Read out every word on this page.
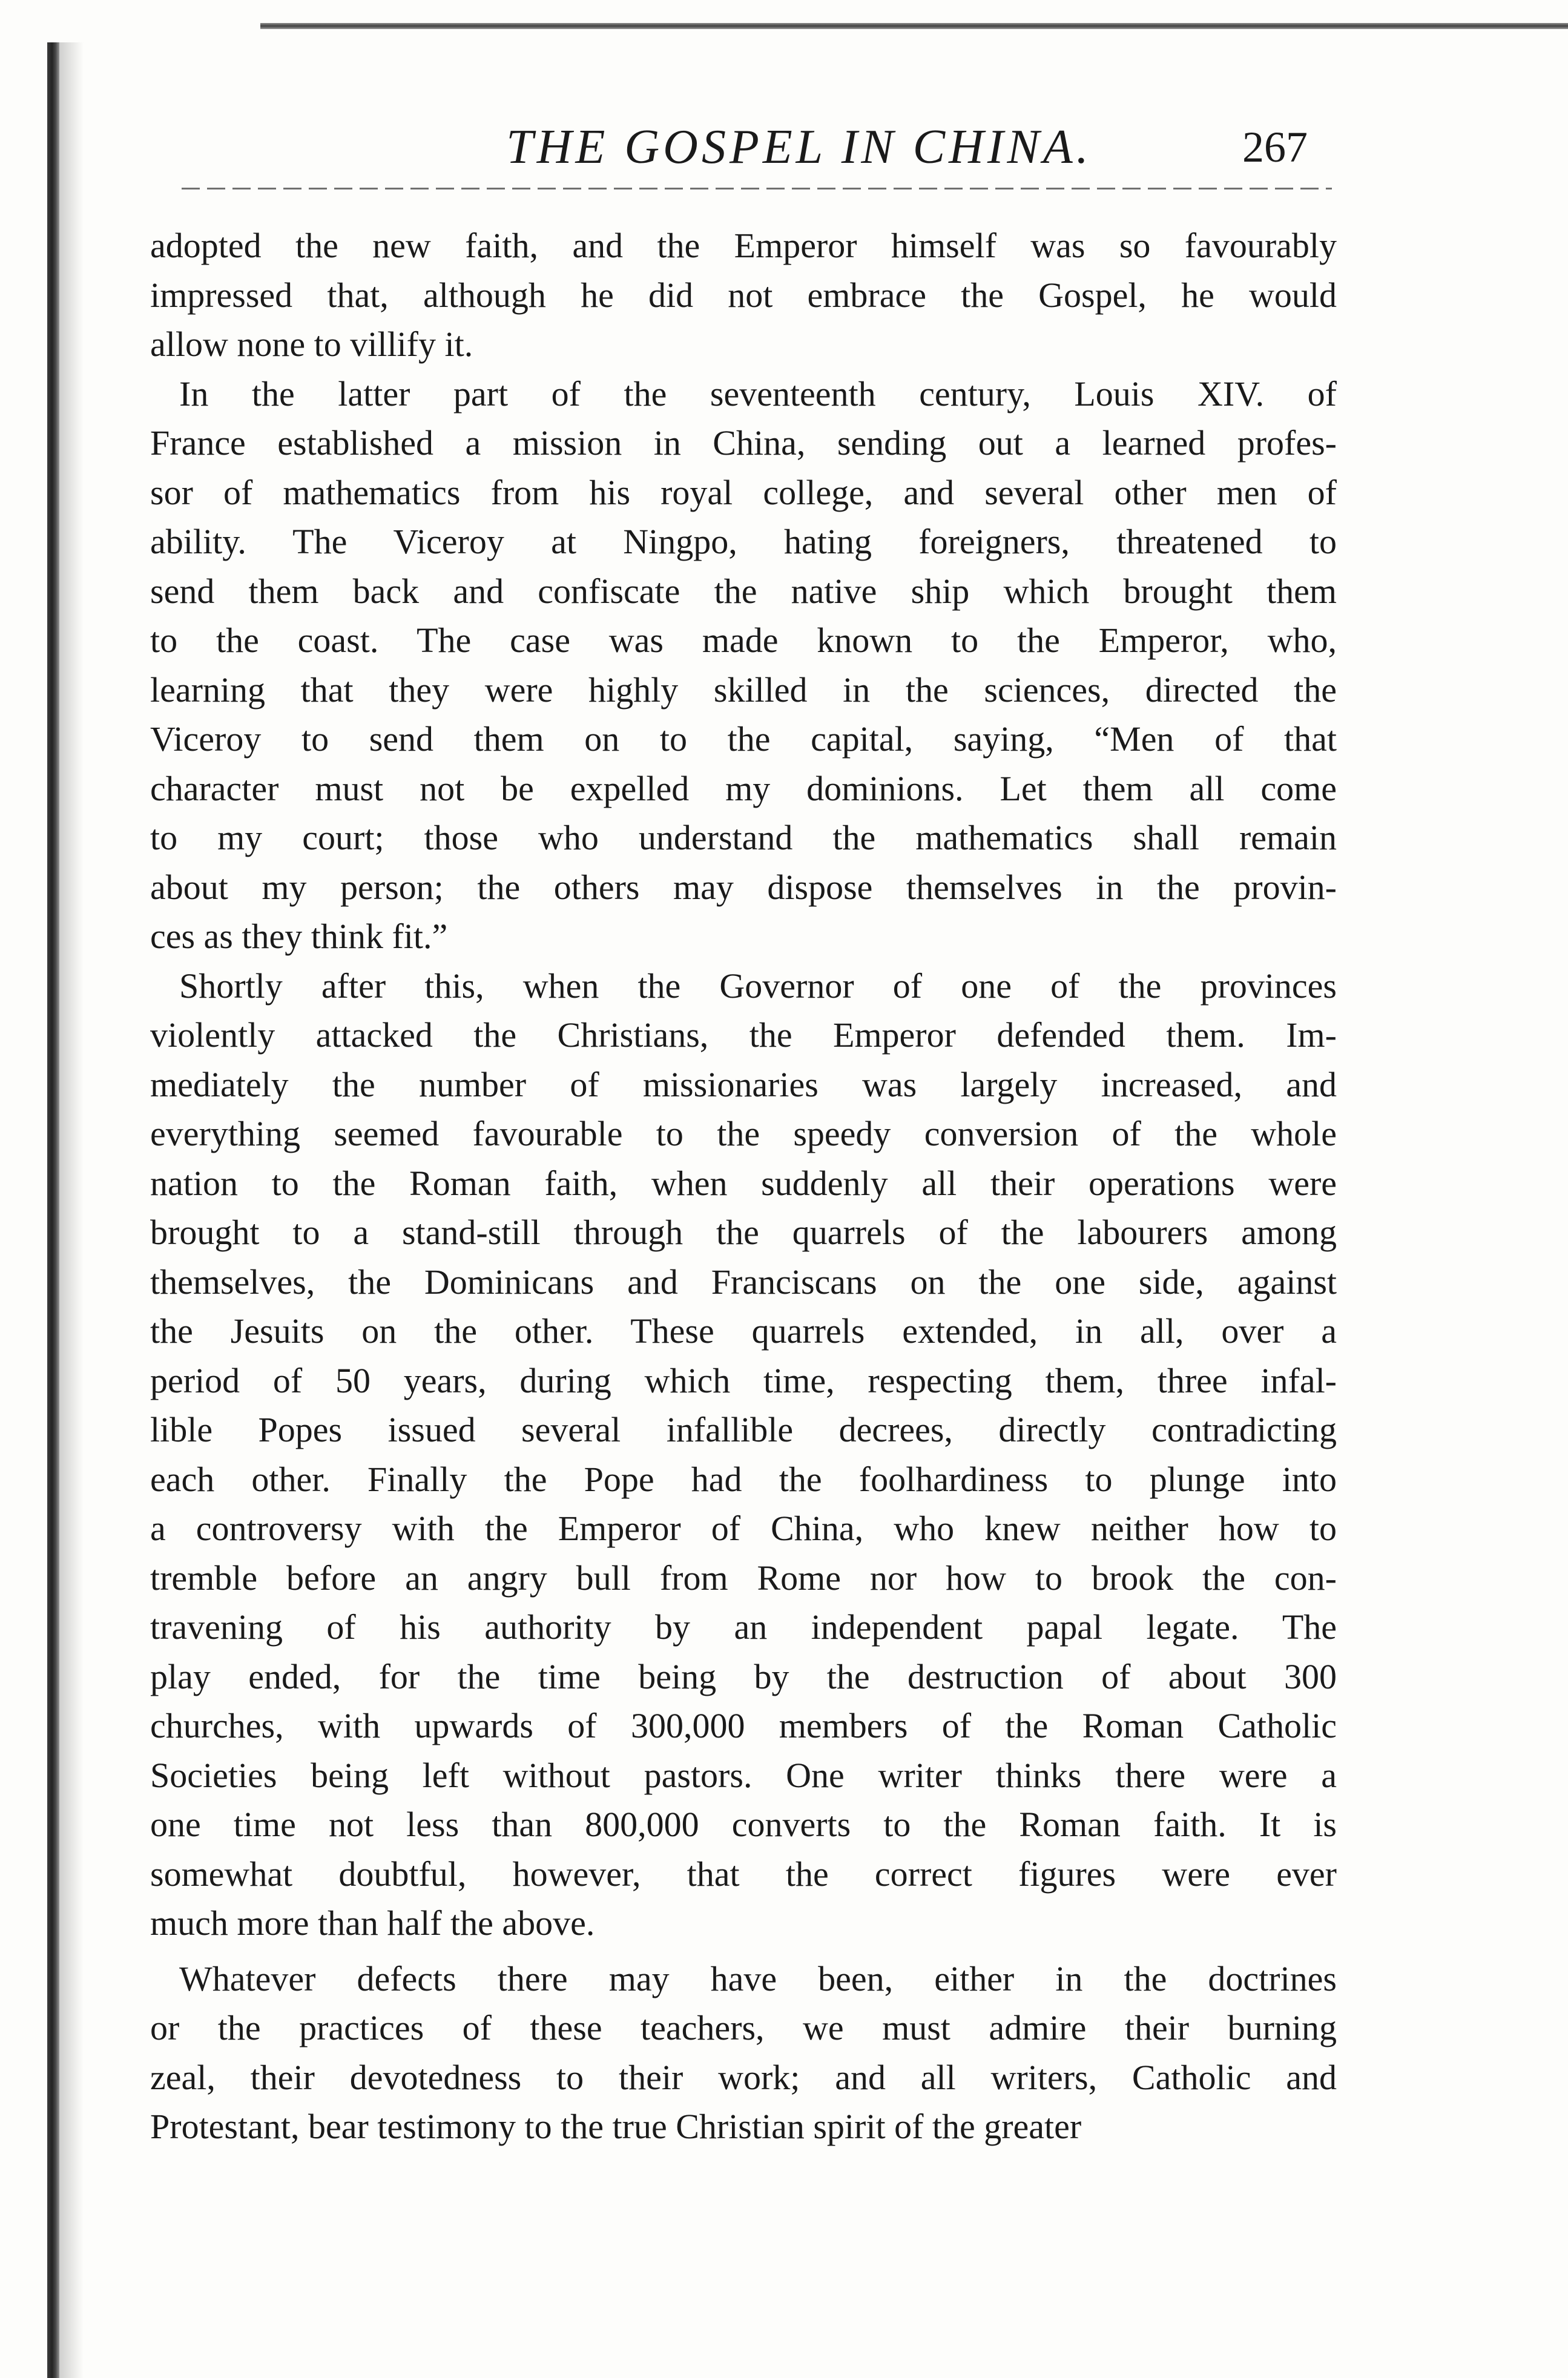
THE GOSPEL IN CHINA.	267
adopted the new faith, and the Emperor himself was so favourably
impressed that, although he did not embrace the Gospel, he would
allow none to villify it.
In the latter part of the seventeenth century, Louis XIV. of
France established a mission in China, sending out a learned profes-
sor of mathematics from his royal college, and several other men of
ability. The Viceroy at Ningpo, hating foreigners, threatened to
send them back and confiscate the native ship which brought them
to the coast. The case was made known to the Emperor, who,
learning that they were highly skilled in the sciences, directed the
Viceroy to send them on to the capital, saying, “Men of that
character must not be expelled my dominions. Let them all come
to my court; those who understand the mathematics shall remain
about my person; the others may dispose themselves in the provin-
ces as they think fit.”
Shortly after this, when the Governor of one of the provinces
violently attacked the Christians, the Emperor defended them. Im-
mediately the number of missionaries was largely increased, and
everything seemed favourable to the speedy conversion of the whole
nation to the Roman faith, when suddenly all their operations were
brought to a stand-still through the quarrels of the labourers among
themselves, the Dominicans and Franciscans on the one side, against
the Jesuits on the other. These quarrels extended, in all, over a
period of 50 years, during which time, respecting them, three infal-
lible Popes issued several infallible decrees, directly contradicting
each other. Finally the Pope had the foolhardiness to plunge into
a controversy with the Emperor of China, who knew neither how to
tremble before an angry bull from Rome nor how to brook the con-
travening of his authority by an independent papal legate. The
play ended, for the time being by the destruction of about 300
churches, with upwards of 300,000 members of the Roman Catholic
Societies being left without pastors. One writer thinks there were a
one time not less than 800,000 converts to the Roman faith. It is
somewhat doubtful, however, that the correct figures were ever
much more than half the above.
Whatever defects there may have been, either in the doctrines
or the practices of these teachers, we must admire their burning
zeal, their devotedness to their work; and all writers, Catholic and
Protestant, bear testimony to the true Christian spirit of the greater
